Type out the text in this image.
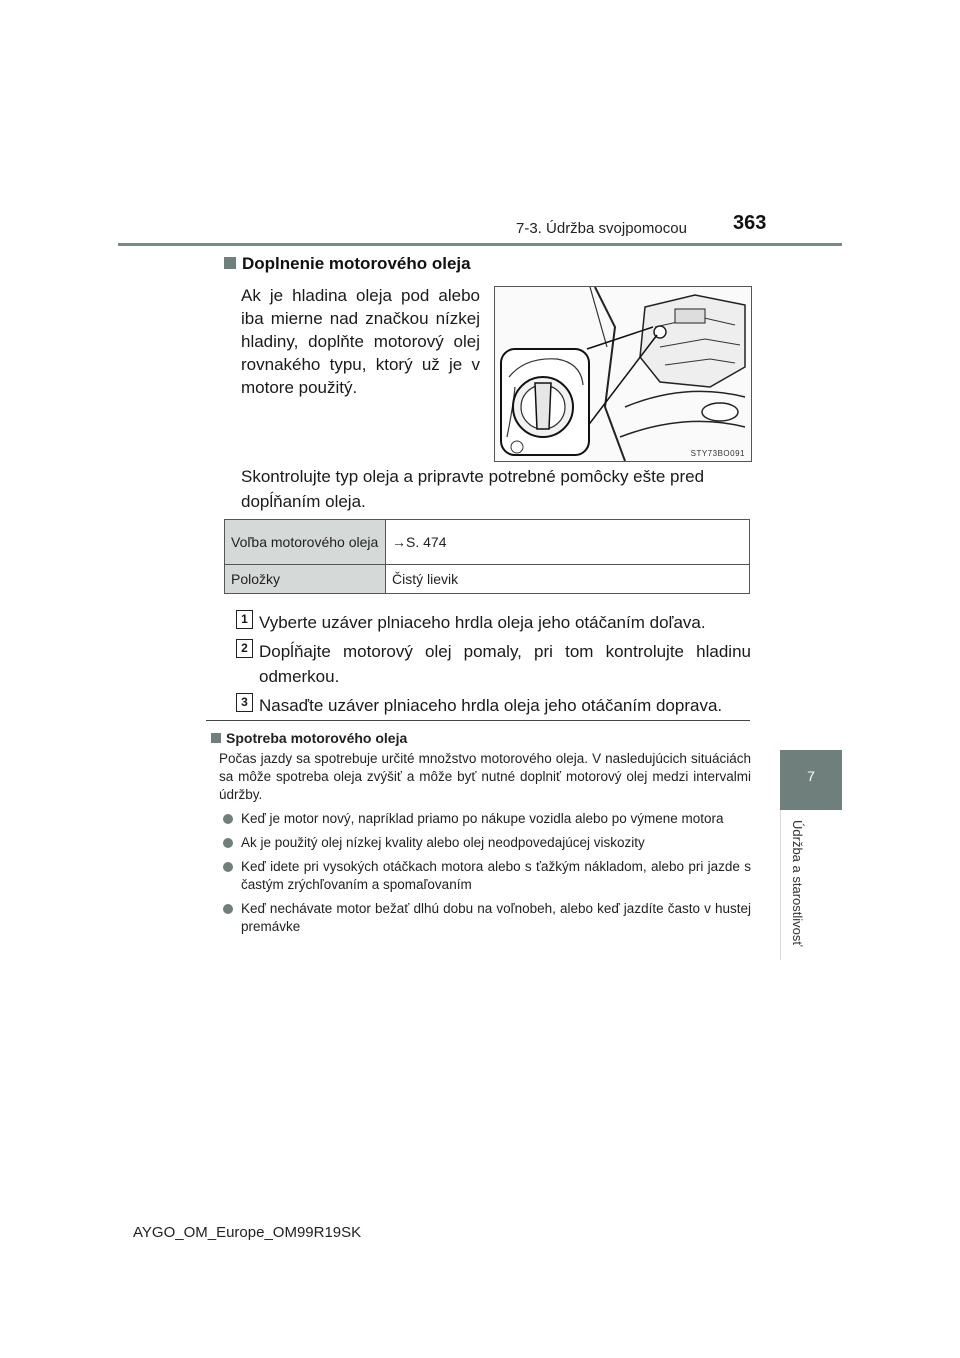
7-3. Údržba svojpomocou 363
7
Údržba a starostlivosť
Doplnenie motorového oleja
Ak je hladina oleja pod alebo iba mierne nad značkou nízkej hladiny, doplňte motorový olej rovnakého typu, ktorý už je v motore použitý.
STY73BO091
Skontrolujte typ oleja a pripravte potrebné pomôcky ešte pred dopĺňaním oleja.
Voľba motorového oleja	→S. 474
Položky	Čistý lievik
1 Vyberte uzáver plniaceho hrdla oleja jeho otáčaním doľava.
2 Dopĺňajte motorový olej pomaly, pri tom kontrolujte hladinu odmerkou.
3 Nasaďte uzáver plniaceho hrdla oleja jeho otáčaním doprava.
Spotreba motorového oleja
Počas jazdy sa spotrebuje určité množstvo motorového oleja. V nasledujúcich situáciách sa môže spotreba oleja zvýšiť a môže byť nutné doplniť motorový olej medzi intervalmi údržby.
Keď je motor nový, napríklad priamo po nákupe vozidla alebo po výmene motora
Ak je použitý olej nízkej kvality alebo olej neodpovedajúcej viskozity
Keď idete pri vysokých otáčkach motora alebo s ťažkým nákladom, alebo pri jazde s častým zrýchľovaním a spomaľovaním
Keď nechávate motor bežať dlhú dobu na voľnobeh, alebo keď jazdíte často v hustej premávke
AYGO_OM_Europe_OM99R19SK
